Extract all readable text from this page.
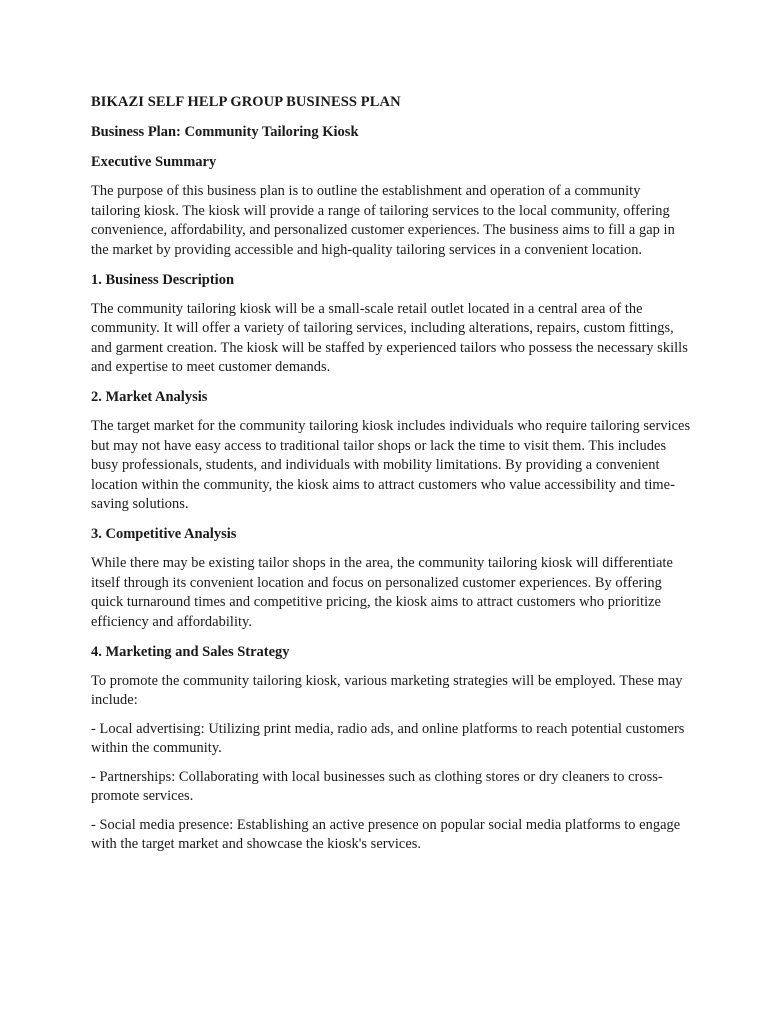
BIKAZI SELF HELP GROUP BUSINESS PLAN
Business Plan: Community Tailoring Kiosk
Executive Summary

The purpose of this business plan is to outline the establishment and operation of a community tailoring kiosk. The kiosk will provide a range of tailoring services to the local community, offering convenience, affordability, and personalized customer experiences. The business aims to fill a gap in the market by providing accessible and high-quality tailoring services in a convenient location.

1. Business Description

The community tailoring kiosk will be a small-scale retail outlet located in a central area of the community. It will offer a variety of tailoring services, including alterations, repairs, custom fittings, and garment creation. The kiosk will be staffed by experienced tailors who possess the necessary skills and expertise to meet customer demands.

2. Market Analysis

The target market for the community tailoring kiosk includes individuals who require tailoring services but may not have easy access to traditional tailor shops or lack the time to visit them. This includes busy professionals, students, and individuals with mobility limitations. By providing a convenient location within the community, the kiosk aims to attract customers who value accessibility and time-saving solutions.

3. Competitive Analysis

While there may be existing tailor shops in the area, the community tailoring kiosk will differentiate itself through its convenient location and focus on personalized customer experiences. By offering quick turnaround times and competitive pricing, the kiosk aims to attract customers who prioritize efficiency and affordability.

4. Marketing and Sales Strategy

To promote the community tailoring kiosk, various marketing strategies will be employed. These may include:

- Local advertising: Utilizing print media, radio ads, and online platforms to reach potential customers within the community.

- Partnerships: Collaborating with local businesses such as clothing stores or dry cleaners to cross-promote services.

- Social media presence: Establishing an active presence on popular social media platforms to engage with the target market and showcase the kiosk's services.
